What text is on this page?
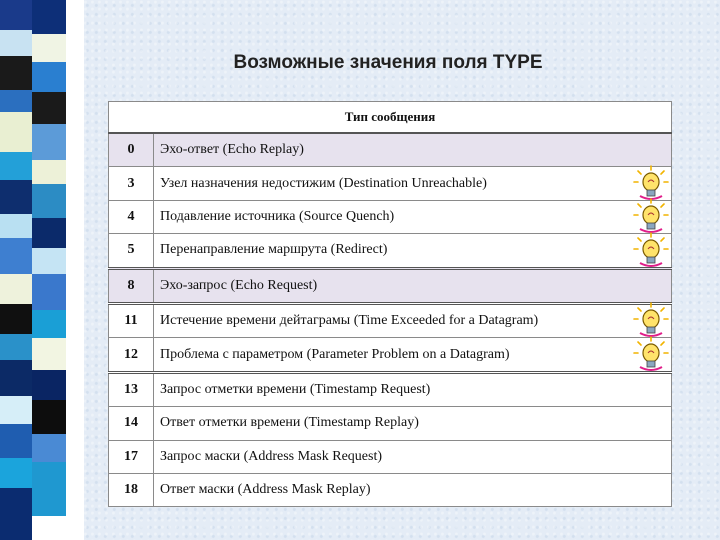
Возможные значения поля TYPE
Тип сообщения	
0	Эхо-ответ (Echo Replay)
3	Узел назначения недостижим (Destination Unreachable)
4	Подавление источника (Source Quench)
5	Перенаправление маршрута (Redirect)
8	Эхо-запрос (Echo Request)
11	Истечение времени дейтаграмы (Time Exceeded for a Datagram)
12	Проблема с параметром (Parameter Problem on a Datagram)
13	Запрос отметки времени (Timestamp Request)
14	Ответ отметки времени (Timestamp Replay)
17	Запрос маски (Address Mask Request)
18	Ответ маски (Address Mask Replay)
